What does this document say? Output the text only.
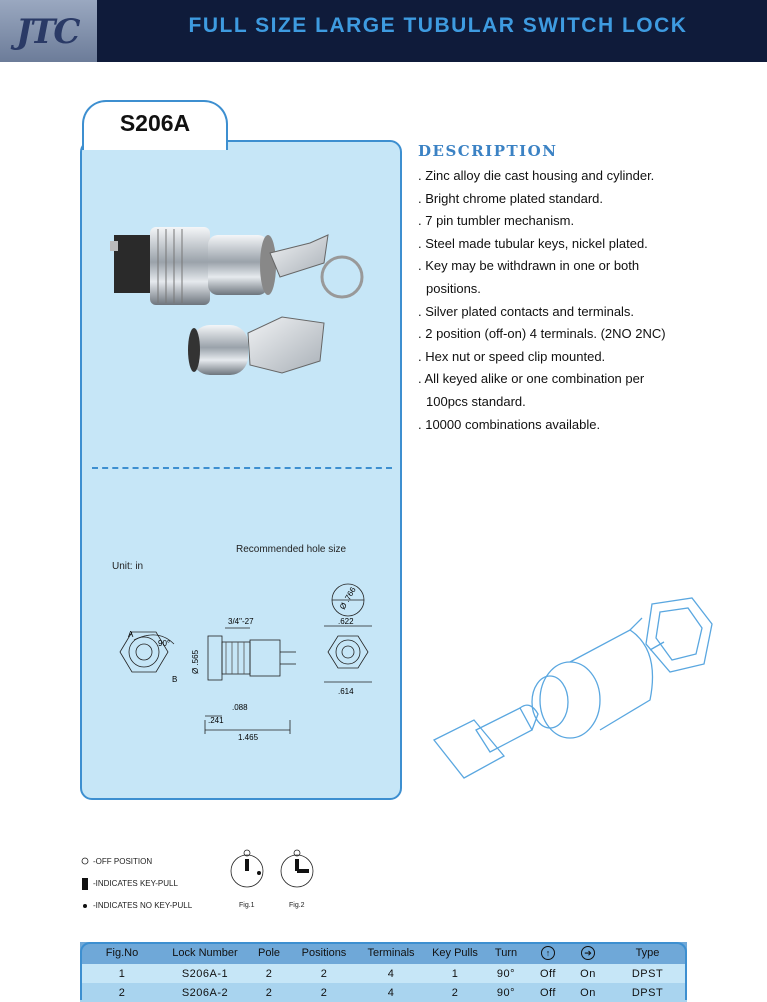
JTC	FULL SIZE LARGE TUBULAR SWITCH LOCK
S206A
Recommended hole size
Unit: in
A
B
90°
3/4"-27
Ø .565
.088
.241
1.465
Ø .766
.622
.614
DESCRIPTION
. Zinc alloy die cast housing and cylinder.
. Bright chrome plated standard.
. 7 pin tumbler mechanism.
. Steel made tubular keys, nickel plated.
. Key may be withdrawn in one or both
positions.
. Silver plated contacts and terminals.
. 2 position (off-on) 4 terminals. (2NO 2NC)
. Hex nut or speed clip mounted.
. All keyed alike or one combination per
100pcs standard.
. 10000 combinations available.
-OFF POSITION
-INDICATES KEY-PULL
-INDICATES NO KEY-PULL	Fig.1	Fig.2
Fig.No	Lock Number	Pole	Positions	Terminals	Key Pulls	Turn	↑	➔	Type
1	S206A-1	2	2	4	1	90°	Off	On	DPST
2	S206A-2	2	2	4	2	90°	Off	On	DPST
